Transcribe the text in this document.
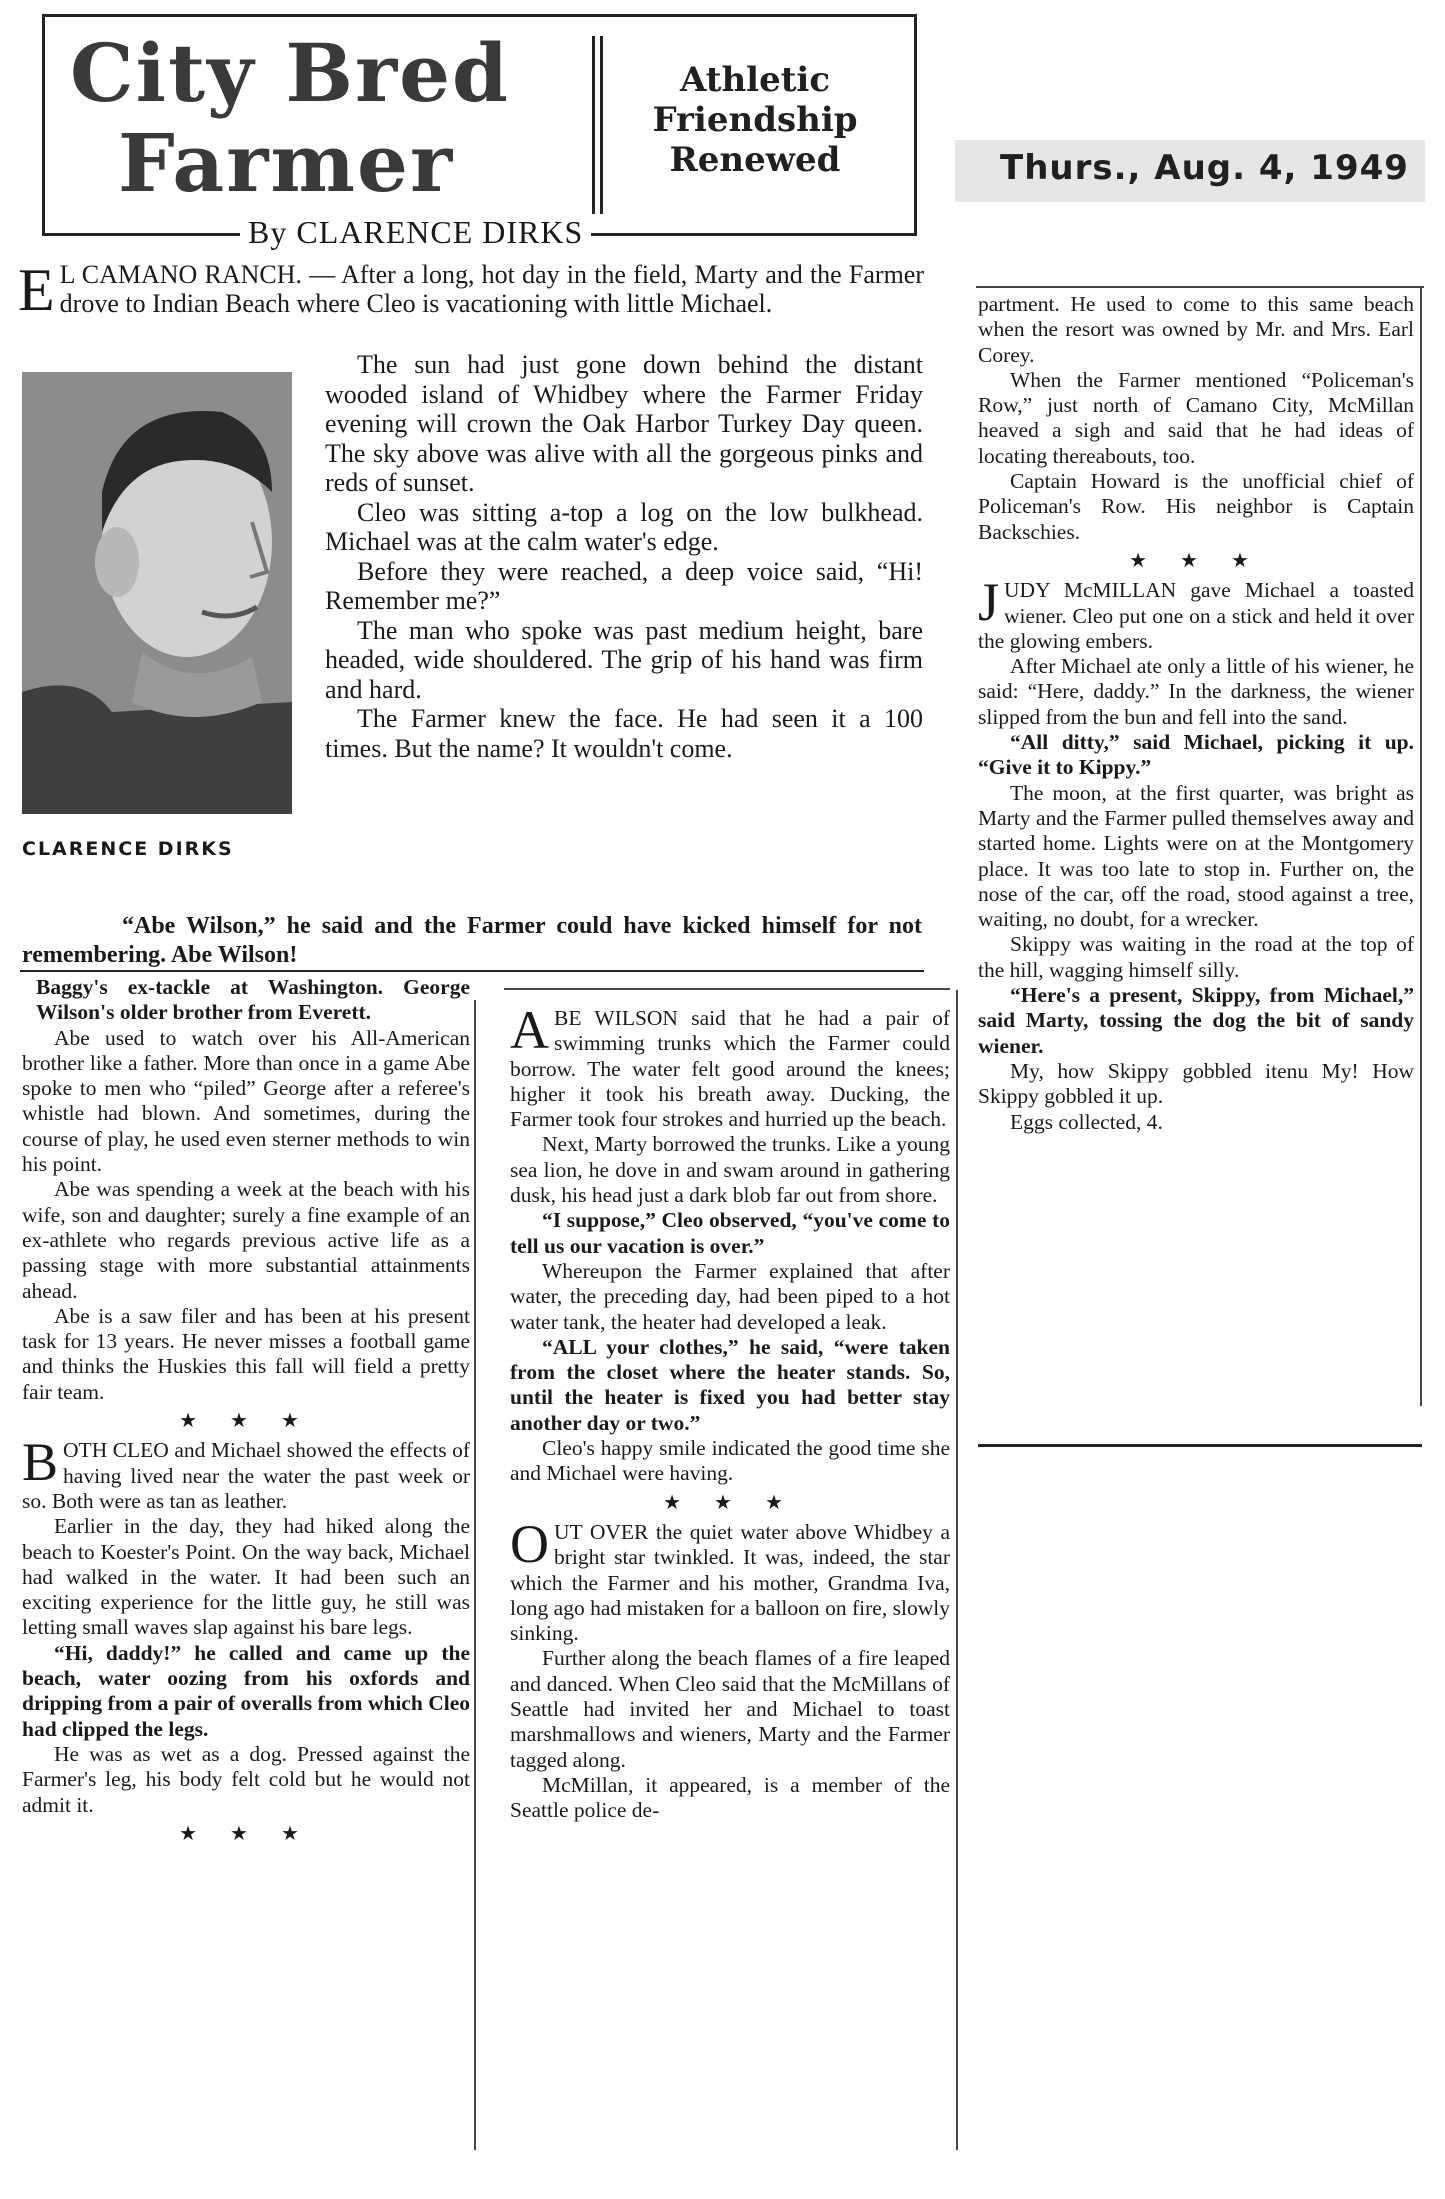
City Bred
Farmer
Athletic
Friendship
Renewed
By CLARENCE DIRKS
Thurs., Aug. 4, 1949

E L CAMANO RANCH. — After a long, hot day in the field, Marty and the Farmer drove to Indian Beach where Cleo is vacationing with little Michael.

CLARENCE DIRKS

The sun had just gone down behind the distant wooded island of Whidbey where the Farmer Friday evening will crown the Oak Harbor Turkey Day queen. The sky above was alive with all the gorgeous pinks and reds of sunset.

Cleo was sitting a-top a log on the low bulkhead. Michael was at the calm water's edge.

Before they were reached, a deep voice said, “Hi! Remember me?”

The man who spoke was past medium height, bare headed, wide shouldered. The grip of his hand was firm and hard.

The Farmer knew the face. He had seen it a 100 times. But the name? It wouldn't come.

“Abe Wilson,” he said and the Farmer could have kicked himself for not remembering. Abe Wilson!

Baggy's ex-tackle at Washington. George Wilson's older brother from Everett.

Abe used to watch over his All-American brother like a father. More than once in a game Abe spoke to men who “piled” George after a referee's whistle had blown. And sometimes, during the course of play, he used even sterner methods to win his point.

Abe was spending a week at the beach with his wife, son and daughter; surely a fine example of an ex-athlete who regards previous active life as a passing stage with more substantial attainments ahead.

Abe is a saw filer and has been at his present task for 13 years. He never misses a football game and thinks the Huskies this fall will field a pretty fair team.

★ ★ ★

BOTH CLEO and Michael showed the effects of having lived near the water the past week or so. Both were as tan as leather.

Earlier in the day, they had hiked along the beach to Koester's Point. On the way back, Michael had walked in the water. It had been such an exciting experience for the little guy, he still was letting small waves slap against his bare legs.

“Hi, daddy!” he called and came up the beach, water oozing from his oxfords and dripping from a pair of overalls from which Cleo had clipped the legs.

He was as wet as a dog. Pressed against the Farmer's leg, his body felt cold but he would not admit it.

★ ★ ★

ABE WILSON said that he had a pair of swimming trunks which the Farmer could borrow. The water felt good around the knees; higher it took his breath away. Ducking, the Farmer took four strokes and hurried up the beach.

Next, Marty borrowed the trunks. Like a young sea lion, he dove in and swam around in gathering dusk, his head just a dark blob far out from shore.

“I suppose,” Cleo observed, “you've come to tell us our vacation is over.”

Whereupon the Farmer explained that after water, the preceding day, had been piped to a hot water tank, the heater had developed a leak.

“ALL your clothes,” he said, “were taken from the closet where the heater stands. So, until the heater is fixed you had better stay another day or two.”

Cleo's happy smile indicated the good time she and Michael were having.

★ ★ ★

OUT OVER the quiet water above Whidbey a bright star twinkled. It was, indeed, the star which the Farmer and his mother, Grandma Iva, long ago had mistaken for a balloon on fire, slowly sinking.

Further along the beach flames of a fire leaped and danced. When Cleo said that the McMillans of Seattle had invited her and Michael to toast marshmallows and wieners, Marty and the Farmer tagged along.

McMillan, it appeared, is a member of the Seattle police de-

partment. He used to come to this same beach when the resort was owned by Mr. and Mrs. Earl Corey.

When the Farmer mentioned “Policeman's Row,” just north of Camano City, McMillan heaved a sigh and said that he had ideas of locating thereabouts, too.

Captain Howard is the unofficial chief of Policeman's Row. His neighbor is Captain Backschies.

★ ★ ★

JUDY McMILLAN gave Michael a toasted wiener. Cleo put one on a stick and held it over the glowing embers.

After Michael ate only a little of his wiener, he said: “Here, daddy.” In the darkness, the wiener slipped from the bun and fell into the sand.

“All ditty,” said Michael, picking it up. “Give it to Kippy.”

The moon, at the first quarter, was bright as Marty and the Farmer pulled themselves away and started home. Lights were on at the Montgomery place. It was too late to stop in. Further on, the nose of the car, off the road, stood against a tree, waiting, no doubt, for a wrecker.

Skippy was waiting in the road at the top of the hill, wagging himself silly.

“Here's a present, Skippy, from Michael,” said Marty, tossing the dog the bit of sandy wiener.

My, how Skippy gobbled itenu My! How Skippy gobbled it up.

Eggs collected, 4.
